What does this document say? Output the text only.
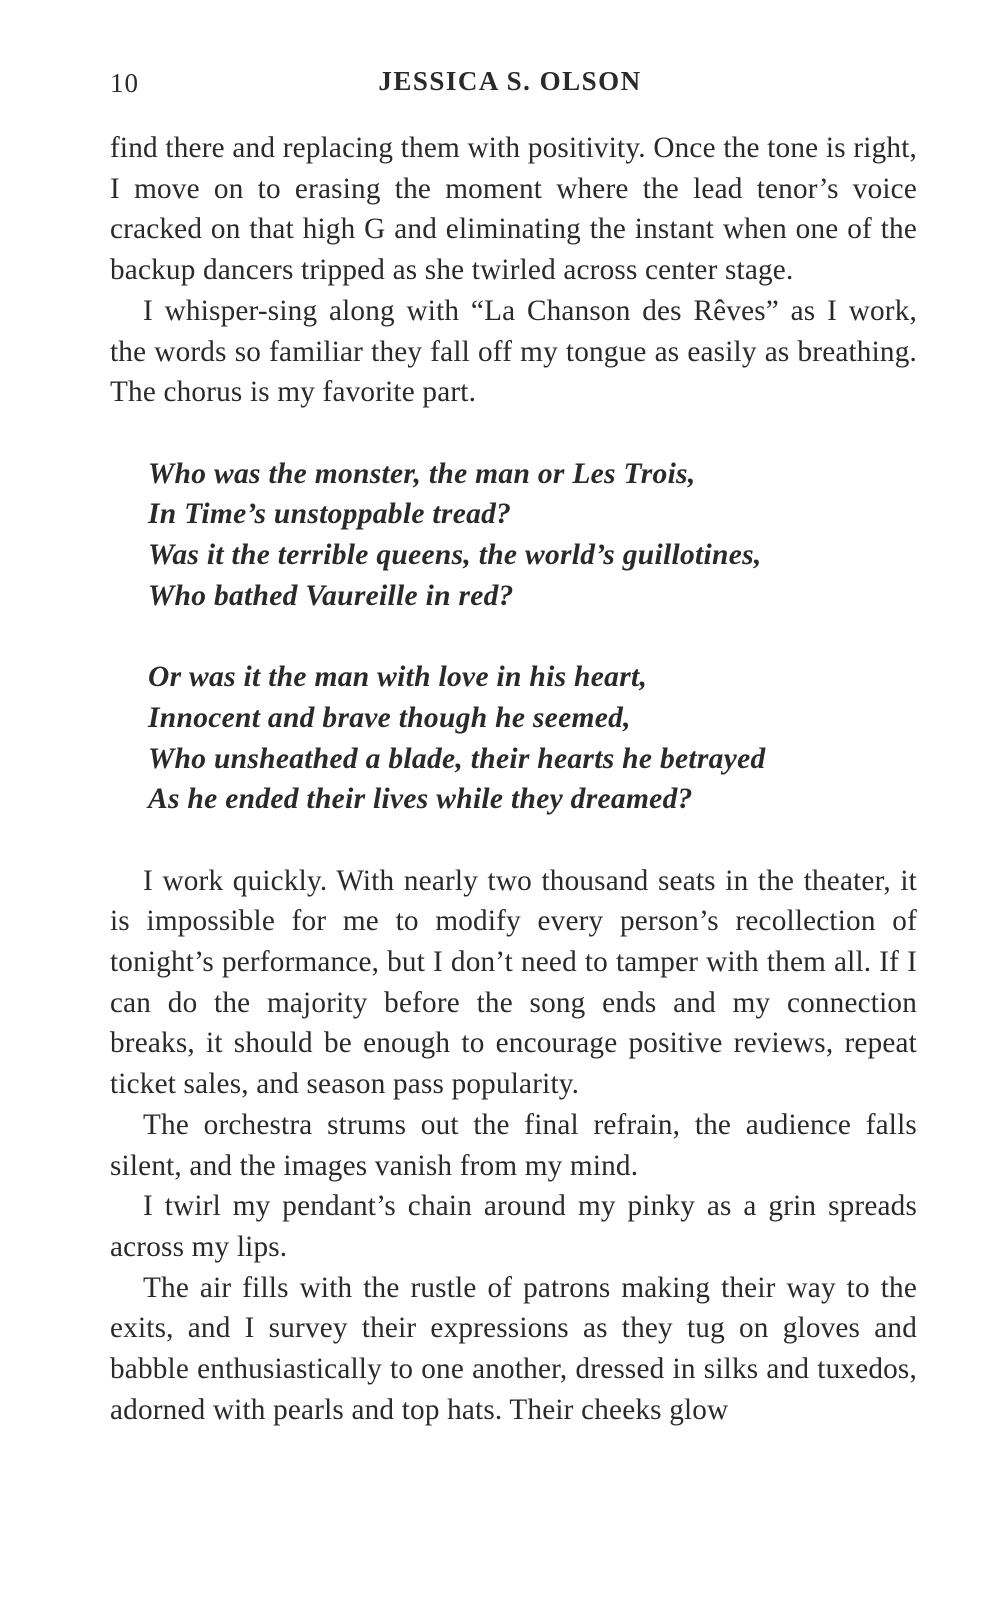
10	JESSICA S. OLSON

find there and replacing them with positivity. Once the tone is right, I move on to erasing the moment where the lead tenor’s voice cracked on that high G and eliminating the instant when one of the backup dancers tripped as she twirled across center stage.

I whisper-sing along with “La Chanson des Rêves” as I work, the words so familiar they fall off my tongue as easily as breathing. The chorus is my favorite part.

Who was the monster, the man or Les Trois,
In Time’s unstoppable tread?
Was it the terrible queens, the world’s guillotines,
Who bathed Vaureille in red?
Or was it the man with love in his heart,
Innocent and brave though he seemed,
Who unsheathed a blade, their hearts he betrayed
As he ended their lives while they dreamed?

I work quickly. With nearly two thousand seats in the theater, it is impossible for me to modify every person’s recollection of tonight’s performance, but I don’t need to tamper with them all. If I can do the majority before the song ends and my connection breaks, it should be enough to encourage positive reviews, repeat ticket sales, and season pass popularity.

The orchestra strums out the final refrain, the audience falls silent, and the images vanish from my mind.

I twirl my pendant’s chain around my pinky as a grin spreads across my lips.

The air fills with the rustle of patrons making their way to the exits, and I survey their expressions as they tug on gloves and babble enthusiastically to one another, dressed in silks and tuxedos, adorned with pearls and top hats. Their cheeks glow
